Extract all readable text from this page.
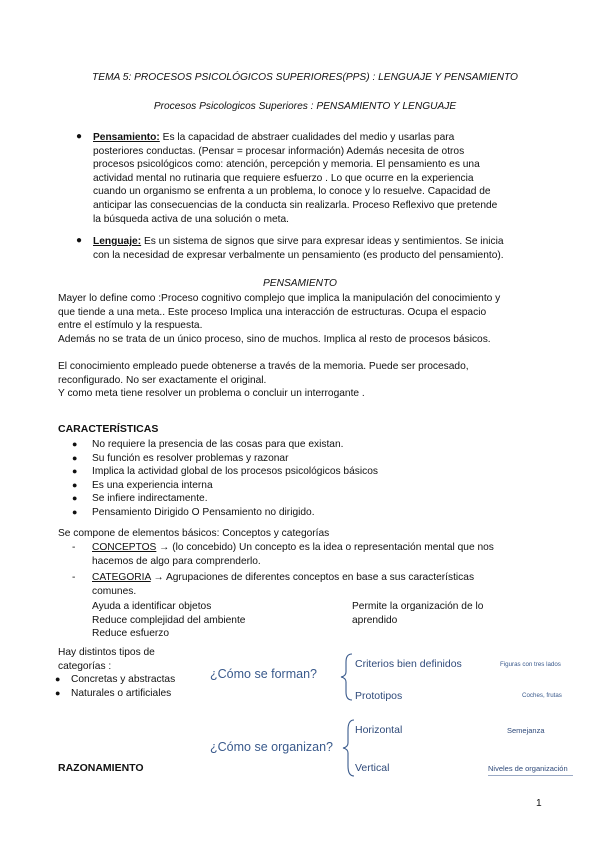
TEMA 5: PROCESOS PSICOLÓGICOS SUPERIORES(PPS) : LENGUAJE Y PENSAMIENTO
Procesos Psicologicos Superiores : PENSAMIENTO Y LENGUAJE
● Pensamiento: Es la capacidad de abstraer cualidades del medio y usarlas para
posteriores conductas. (Pensar = procesar información) Además necesita de otros
procesos psicológicos como: atención, percepción y memoria. El pensamiento es una
actividad mental no rutinaria que requiere esfuerzo . Lo que ocurre en la experiencia
cuando un organismo se enfrenta a un problema, lo conoce y lo resuelve. Capacidad de
anticipar las consecuencias de la conducta sin realizarla. Proceso Reflexivo que pretende
la búsqueda activa de una solución o meta.
● Lenguaje: Es un sistema de signos que sirve para expresar ideas y sentimientos. Se inicia
con la necesidad de expresar verbalmente un pensamiento (es producto del pensamiento).
PENSAMIENTO
Mayer lo define como :Proceso cognitivo complejo que implica la manipulación del conocimiento y
que tiende a una meta.. Este proceso Implica una interacción de estructuras. Ocupa el espacio
entre el estímulo y la respuesta.
Además no se trata de un único proceso, sino de muchos. Implica al resto de procesos básicos.
El conocimiento empleado puede obtenerse a través de la memoria. Puede ser procesado,
reconfigurado. No ser exactamente el original.
Y como meta tiene resolver un problema o concluir un interrogante .
CARACTERÍSTICAS
● No requiere la presencia de las cosas para que existan.
● Su función es resolver problemas y razonar
● Implica la actividad global de los procesos psicológicos básicos
● Es una experiencia interna
● Se infiere indirectamente.
● Pensamiento Dirigido O Pensamiento no dirigido.
Se compone de elementos básicos: Conceptos y categorías
- CONCEPTOS → (lo concebido) Un concepto es la idea o representación mental que nos
hacemos de algo para comprenderlo.
- CATEGORIA → Agrupaciones de diferentes conceptos en base a sus características
comunes.
Ayuda a identificar objetos
Reduce complejidad del ambiente
Reduce esfuerzo
Permite la organización de lo
aprendido
Hay distintos tipos de
categorías :
● Concretas y abstractas
● Naturales o artificiales
¿Cómo se forman?
Criterios bien definidos	Figuras con tres lados
Prototipos	Coches, frutas
¿Cómo se organizan?
Horizontal	Semejanza
Vertical	Niveles de organización
RAZONAMIENTO
1
